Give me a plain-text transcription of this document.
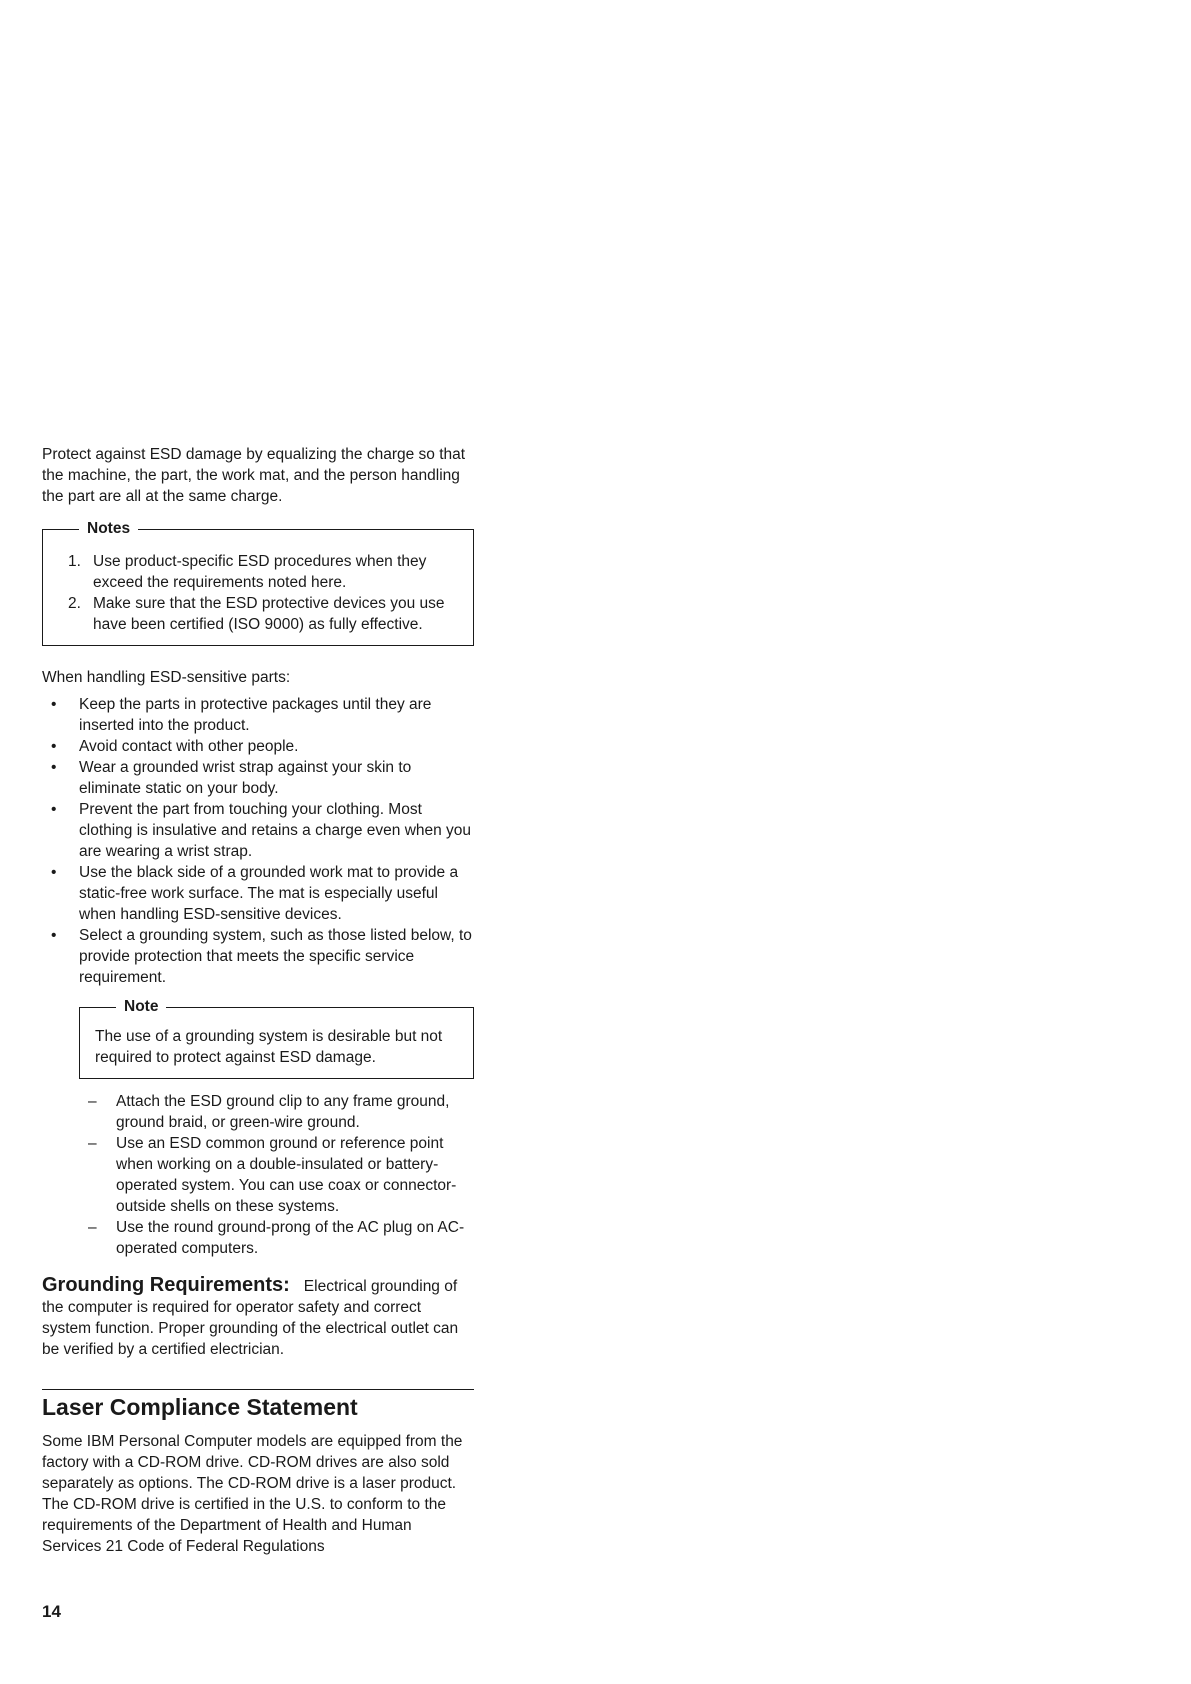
Protect against ESD damage by equalizing the charge so that the machine, the part, the work mat, and the person handling the part are all at the same charge.

Notes
1. Use product-specific ESD procedures when they exceed the requirements noted here.
2. Make sure that the ESD protective devices you use have been certified (ISO 9000) as fully effective.

When handling ESD-sensitive parts:

• Keep the parts in protective packages until they are inserted into the product.
• Avoid contact with other people.
• Wear a grounded wrist strap against your skin to eliminate static on your body.
• Prevent the part from touching your clothing. Most clothing is insulative and retains a charge even when you are wearing a wrist strap.
• Use the black side of a grounded work mat to provide a static-free work surface. The mat is especially useful when handling ESD-sensitive devices.
• Select a grounding system, such as those listed below, to provide protection that meets the specific service requirement.
Note

The use of a grounding system is desirable but not required to protect against ESD damage.

– Attach the ESD ground clip to any frame ground, ground braid, or green-wire ground.
– Use an ESD common ground or reference point when working on a double-insulated or battery-operated system. You can use coax or connector-outside shells on these systems.
– Use the round ground-prong of the AC plug on AC-operated computers.

Grounding Requirements: Electrical grounding of the computer is required for operator safety and correct system function. Proper grounding of the electrical outlet can be verified by a certified electrician.

Laser Compliance Statement

Some IBM Personal Computer models are equipped from the factory with a CD-ROM drive. CD-ROM drives are also sold separately as options. The CD-ROM drive is a laser product. The CD-ROM drive is certified in the U.S. to conform to the requirements of the Department of Health and Human Services 21 Code of Federal Regulations

14
